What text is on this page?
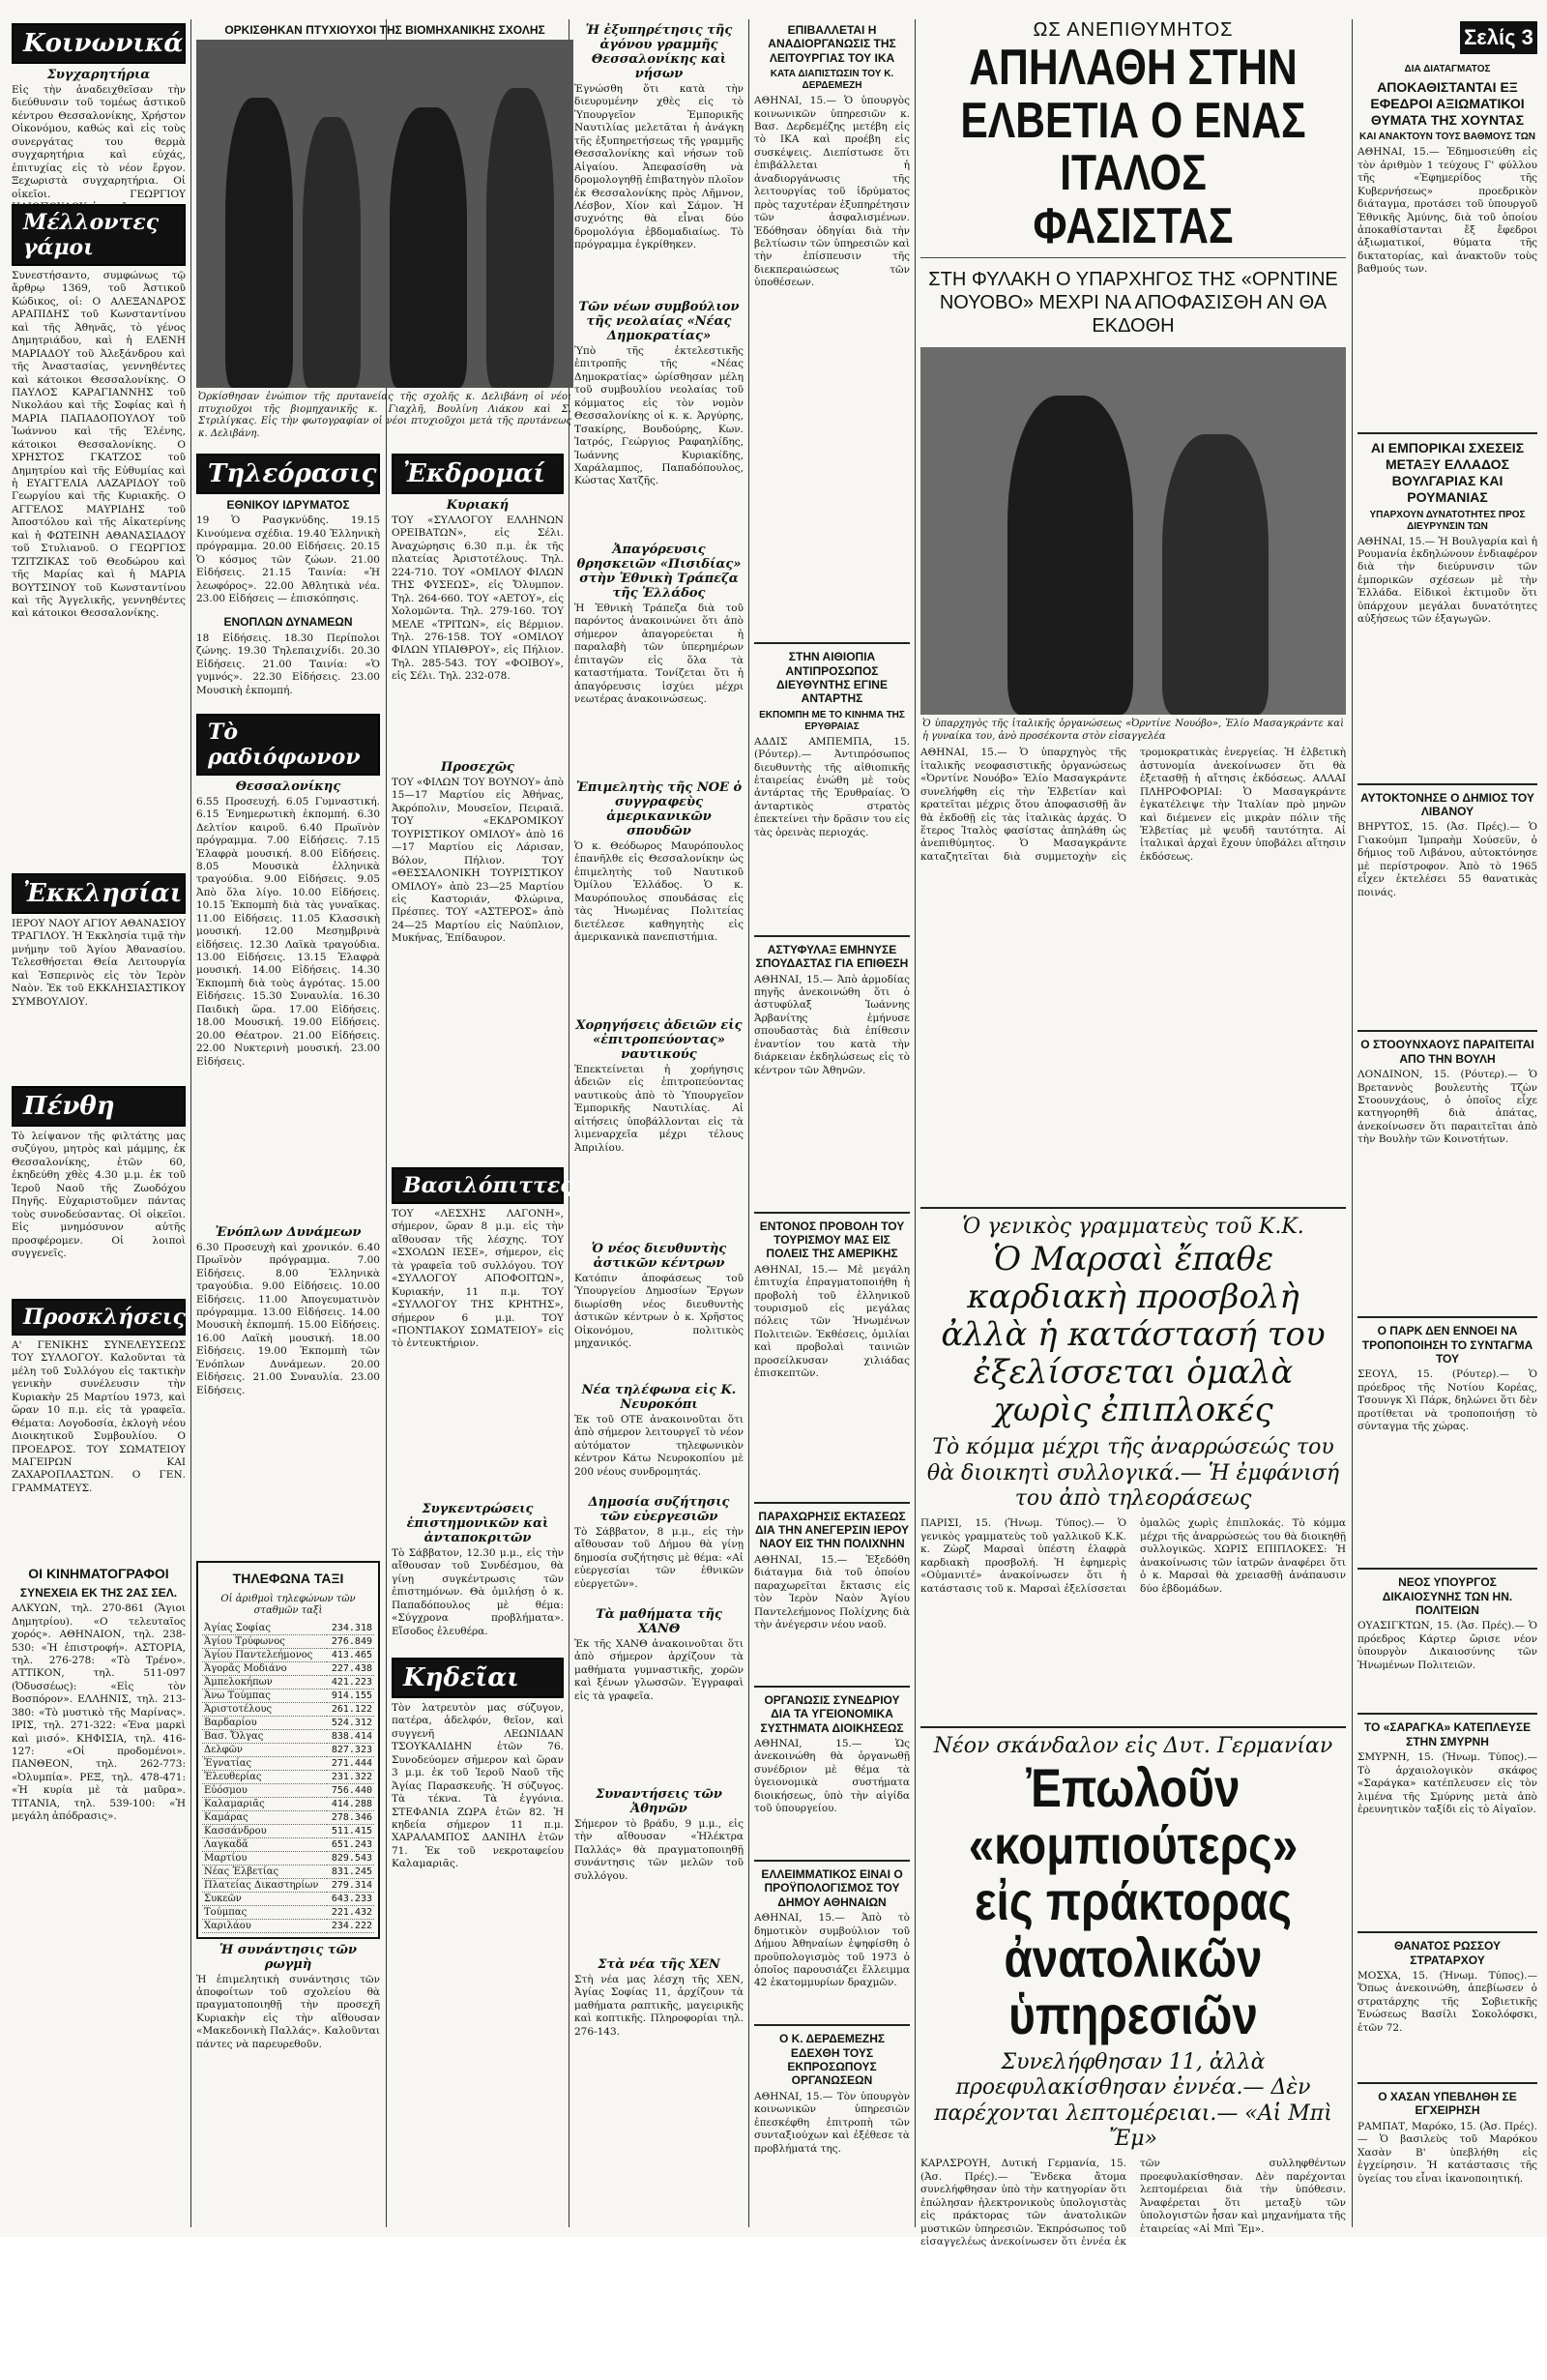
Σελίς 3
Κοινωνικά
Συγχαρητήρια
Εἰς τὴν ἀναδειχθεῖσαν τὴν διεύθυνσιν τοῦ τομέως ἀστικοῦ κέντρου Θεσσαλονίκης, Χρήστον Οἰκονόμου, καθώς καὶ εἰς τοὺς συνεργάτας του θερμὰ συγχαρητήρια καὶ εὐχάς, ἐπιτυχίας εἰς τὸ νέον ἔργον. Ξεχωριστὰ συγχαρητήρια. Οἱ οἰκεῖοι. ΓΕΩΡΓΙΟΥ ΗΛΙΟΠΟΥΛΟΥ, ἰατροῦ.
Μέλλοντες γάμοι
Συνεστήσαντο, συμφώνως τῷ ἄρθρῳ 1369, τοῦ Ἀστικοῦ Κώδικος, οἱ: Ο ΑΛΕΞΑΝΔΡΟΣ ΑΡΑΠΙΔΗΣ τοῦ Κωνσταντίνου καὶ τῆς Ἀθηνᾶς, τὸ γένος Δημητριάδου, καὶ ἡ ΕΛΕΝΗ ΜΑΡΙΑΔΟΥ τοῦ Ἀλεξάνδρου καὶ τῆς Ἀναστασίας, γεννηθέντες καὶ κάτοικοι Θεσσαλονίκης. Ο ΠΑΥΛΟΣ ΚΑΡΑΓΙΑΝΝΗΣ τοῦ Νικολάου καὶ τῆς Σοφίας καὶ ἡ ΜΑΡΙΑ ΠΑΠΑΔΟΠΟΥΛΟΥ τοῦ Ἰωάννου καὶ τῆς Ἑλένης, κάτοικοι Θεσσαλονίκης. Ο ΧΡΗΣΤΟΣ ΓΚΑΤΖΟΣ τοῦ Δημητρίου καὶ τῆς Εὐθυμίας καὶ ἡ ΕΥΑΓΓΕΛΙΑ ΛΑΖΑΡΙΔΟΥ τοῦ Γεωργίου καὶ τῆς Κυριακῆς. Ο ΑΓΓΕΛΟΣ ΜΑΥΡΙΔΗΣ τοῦ Ἀποστόλου καὶ τῆς Αἰκατερίνης καὶ ἡ ΦΩΤΕΙΝΗ ΑΘΑΝΑΣΙΑΔΟΥ τοῦ Στυλιανοῦ. Ο ΓΕΩΡΓΙΟΣ ΤΖΙΤΖΙΚΑΣ τοῦ Θεοδώρου καὶ τῆς Μαρίας καὶ ἡ ΜΑΡΙΑ ΒΟΥΤΣΙΝΟΥ τοῦ Κωνσταντίνου καὶ τῆς Ἀγγελικῆς, γεννηθέντες καὶ κάτοικοι Θεσσαλονίκης.
Ἐκκλησίαι
ΙΕΡΟΥ ΝΑΟΥ ΑΓΙΟΥ ΑΘΑΝΑΣΙΟΥ ΤΡΑΓΙΛΟΥ. Ἡ Ἐκκλησία τιμᾷ τὴν μνήμην τοῦ Ἁγίου Ἀθανασίου. Τελεσθήσεται Θεία Λειτουργία καὶ Ἑσπερινὸς εἰς τὸν Ἱερὸν Ναὸν. Ἐκ τοῦ ΕΚΚΛΗΣΙΑΣΤΙΚΟΥ ΣΥΜΒΟΥΛΙΟΥ.
Πένθη
Τὸ λείψανον τῆς φιλτάτης μας συζύγου, μητρὸς καὶ μάμμης, ἐκ Θεσσαλονίκης, ἐτῶν 60, ἐκηδεύθη χθὲς 4.30 μ.μ. ἐκ τοῦ Ἱεροῦ Ναοῦ τῆς Ζωοδόχου Πηγῆς. Εὐχαριστοῦμεν πάντας τοὺς συνοδεύσαντας. Οἱ οἰκεῖοι. Εἰς μνημόσυνον αὐτῆς προσφέρομεν. Οἱ λοιποὶ συγγενεῖς.
Προσκλήσεις
Α' ΓΕΝΙΚΗΣ ΣΥΝΕΛΕΥΣΕΩΣ ΤΟΥ ΣΥΛΛΟΓΟΥ. Καλοῦνται τὰ μέλη τοῦ Συλλόγου εἰς τακτικὴν γενικὴν συνέλευσιν τὴν Κυριακὴν 25 Μαρτίου 1973, καὶ ὥραν 10 π.μ. εἰς τὰ γραφεῖα. Θέματα: Λογοδοσία, ἐκλογὴ νέου Διοικητικοῦ Συμβουλίου. Ο ΠΡΟΕΔΡΟΣ. ΤΟΥ ΣΩΜΑΤΕΙΟΥ ΜΑΓΕΙΡΩΝ ΚΑΙ ΖΑΧΑΡΟΠΛΑΣΤΩΝ. Ο ΓΕΝ. ΓΡΑΜΜΑΤΕΥΣ.
ΟΙ ΚΙΝΗΜΑΤΟΓΡΑΦΟΙ
ΣΥΝΕΧΕΙΑ ΕΚ ΤΗΣ 2ΑΣ ΣΕΛ.
ΑΛΚΥΩΝ, τηλ. 270-861 (Ἄγιοι Δημητρίου). «Ο τελευταῖος χορός». ΑΘΗΝΑΙΟΝ, τηλ. 238-530: «Ἡ ἐπιστροφή». ΑΣΤΟΡΙΑ, τηλ. 276-278: «Τὸ Τρένο». ΑΤΤΙΚΟΝ, τηλ. 511-097 (Ὀδυσσέως): «Εἰς τὸν Βοσπόρον». ΕΛΛΗΝΙΣ, τηλ. 213-380: «Τὸ μυστικὸ τῆς Μαρίνας». ΙΡΙΣ, τηλ. 271-322: «Ἐνα μαρκὶ καὶ μισό». ΚΗΦΙΣΙΑ, τηλ. 416-127: «Οἱ προδομένοι». ΠΑΝΘΕΟΝ, τηλ. 262-773: «Ὀλυμπία». ΡΕΞ, τηλ. 478-471: «Ἡ κυρία μὲ τὰ μαῦρα». ΤΙΤΑΝΙΑ, τηλ. 539-100: «Ἡ μεγάλη ἀπόδρασις».
ΟΡΚΙΣΘΗΚΑΝ ΠΤΥΧΙΟΥΧΟΙ ΤΗΣ ΒΙΟΜΗΧΑΝΙΚΗΣ ΣΧΟΛΗΣ
Ὀρκίσθησαν ἐνώπιον τῆς πρυτανείας τῆς σχολῆς κ. Δελιβάνη οἱ νέοι πτυχιοῦχοι τῆς βιομηχανικῆς κ. Γιαχλῆ, Βουλίνη Λιάκου καὶ Σ. Στριλίγκας. Εἰς τὴν φωτογραφίαν οἱ νέοι πτυχιοῦχοι μετὰ τῆς πρυτάνεως κ. Δελιβάνη.
Τηλεόρασις
ΕΘΝΙΚΟΥ ΙΔΡΥΜΑΤΟΣ
19 Ὁ Ρασγκνύδης. 19.15 Κινούμενα σχέδια. 19.40 Ἑλληνικὴ πρόγραμμα. 20.00 Εἰδήσεις. 20.15 Ὁ κόσμος τῶν ζώων. 21.00 Εἰδήσεις. 21.15 Ταινία: «Ἡ λεωφόρος». 22.00 Ἀθλητικὰ νέα. 23.00 Εἰδήσεις — ἐπισκόπησις.
ΕΝΟΠΛΩΝ ΔΥΝΑΜΕΩΝ
18 Εἰδήσεις. 18.30 Περίπολοι ζώνης. 19.30 Τηλεπαιχνίδι. 20.30 Εἰδήσεις. 21.00 Ταινία: «Ὁ γυμνός». 22.30 Εἰδήσεις. 23.00 Μουσικὴ ἐκπομπή.
Τὸ ραδιόφωνον
Θεσσαλονίκης
6.55 Προσευχή. 6.05 Γυμναστική. 6.15 Ἐνημερωτικὴ ἐκπομπή. 6.30 Δελτίον καιροῦ. 6.40 Πρωϊνὸν πρόγραμμα. 7.00 Εἰδήσεις. 7.15 Ἐλαφρὰ μουσική. 8.00 Εἰδήσεις. 8.05 Μουσικὰ ἐλληνικὰ τραγούδια. 9.00 Εἰδήσεις. 9.05 Ἀπὸ ὅλα λίγο. 10.00 Εἰδήσεις. 10.15 Ἐκπομπὴ διὰ τὰς γυναῖκας. 11.00 Εἰδήσεις. 11.05 Κλασσικὴ μουσική. 12.00 Μεσημβρινὰ εἰδήσεις. 12.30 Λαϊκὰ τραγούδια. 13.00 Εἰδήσεις. 13.15 Ἐλαφρὰ μουσική. 14.00 Εἰδήσεις. 14.30 Ἐκπομπὴ διὰ τοὺς ἀγρότας. 15.00 Εἰδήσεις. 15.30 Συναυλία. 16.30 Παιδικὴ ὥρα. 17.00 Εἰδήσεις. 18.00 Μουσική. 19.00 Εἰδήσεις. 20.00 Θέατρον. 21.00 Εἰδήσεις. 22.00 Νυκτερινὴ μουσική. 23.00 Εἰδήσεις.
Ἐνόπλων Δυνάμεων
6.30 Προσευχὴ καὶ χρονικόν. 6.40 Πρωϊνὸν πρόγραμμα. 7.00 Εἰδήσεις. 8.00 Ἐλληνικὰ τραγούδια. 9.00 Εἰδήσεις. 10.00 Εἰδήσεις. 11.00 Ἀπογευματινὸν πρόγραμμα. 13.00 Εἰδήσεις. 14.00 Μουσικὴ ἐκπομπή. 15.00 Εἰδήσεις. 16.00 Λαϊκὴ μουσική. 18.00 Εἰδήσεις. 19.00 Ἐκπομπὴ τῶν Ἐνόπλων Δυνάμεων. 20.00 Εἰδήσεις. 21.00 Συναυλία. 23.00 Εἰδήσεις.
ΤΗΛΕΦΩΝΑ ΤΑΞΙ
Οἱ ἀριθμοὶ τηλεφώνων τῶν σταθμῶν ταξὶ
Ἀγίας Σοφίας	234.318
Ἀγίου Τρύφωνος	276.849
Ἁγίου Παντελεήμονος	413.465
Ἀγορᾶς Μοδιάνο	227.438
Ἀμπελοκήπων	421.223
Ἀνω Τούμπας	914.155
Ἀριστοτέλους	261.122
Βαρδαρίου	524.312
Βασ. Ὄλγας	838.414
Δελφῶν	827.323
Ἐγνατίας	271.444
Ἐλευθερίας	231.322
Εὐόσμου	756.440
Καλαμαριᾶς	414.288
Καμάρας	278.346
Κασσάνδρου	511.415
Λαγκαδᾶ	651.243
Μαρτίου	829.543
Νέας Ἐλβετίας	831.245
Πλατείας Δικαστηρίων	279.314
Συκεῶν	643.233
Τούμπας	221.432
Χαριλάου	234.222
Ἡ συνάντησις τῶν ρωγμὴ
Ἡ ἐπιμελητικὴ συνάντησις τῶν ἀποφοίτων τοῦ σχολείου θὰ πραγματοποιηθῇ τὴν προσεχῆ Κυριακὴν εἰς τὴν αἴθουσαν «Μακεδονικὴ Παλλάς». Καλοῦνται πάντες νὰ παρευρεθοῦν.
Ἐκδρομαί
Κυριακή
ΤΟΥ «ΣΥΛΛΟΓΟΥ ΕΛΛΗΝΩΝ ΟΡΕΙΒΑΤΩΝ», εἰς Σέλι. Ἀναχώρησις 6.30 π.μ. ἐκ τῆς πλατείας Ἀριστοτέλους. Τηλ. 224-710. ΤΟΥ «ΟΜΙΛΟΥ ΦΙΛΩΝ ΤΗΣ ΦΥΣΕΩΣ», εἰς Ὄλυμπον. Τηλ. 264-660. ΤΟΥ «ΑΕΤΟΥ», εἰς Χολομῶντα. Τηλ. 279-160. ΤΟΥ ΜΕΛΕ «ΤΡΙΤΩΝ», εἰς Βέρμιον. Τηλ. 276-158. ΤΟΥ «ΟΜΙΛΟΥ ΦΙΛΩΝ ΥΠΑΙΘΡΟΥ», εἰς Πήλιον. Τηλ. 285-543. ΤΟΥ «ΦΟΙΒΟΥ», εἰς Σέλι. Τηλ. 232-078.
Προσεχῶς
ΤΟΥ «ΦΙΛΩΝ ΤΟΥ ΒΟΥΝΟΥ» ἀπὸ 15—17 Μαρτίου εἰς Ἀθήνας, Ἀκρόπολιν, Μουσεῖον, Πειραιᾶ. ΤΟΥ «ΕΚΔΡΟΜΙΚΟΥ ΤΟΥΡΙΣΤΙΚΟΥ ΟΜΙΛΟΥ» ἀπὸ 16—17 Μαρτίου εἰς Λάρισαν, Βόλον, Πήλιον. ΤΟΥ «ΘΕΣΣΑΛΟΝΙΚΗ ΤΟΥΡΙΣΤΙΚΟΥ ΟΜΙΛΟΥ» ἀπὸ 23—25 Μαρτίου εἰς Καστοριάν, Φλώρινα, Πρέσπες. ΤΟΥ «ΑΣΤΕΡΟΣ» ἀπὸ 24—25 Μαρτίου εἰς Ναύπλιον, Μυκήνας, Ἐπίδαυρον.
Βασιλόπιττες
ΤΟΥ «ΛΕΣΧΗΣ ΛΑΓΟΝΗ», σήμερον, ὥραν 8 μ.μ. εἰς τὴν αἴθουσαν τῆς λέσχης. ΤΟΥ «ΣΧΟΛΩΝ ΙΕΣΕ», σήμερον, εἰς τὰ γραφεῖα τοῦ συλλόγου. ΤΟΥ «ΣΥΛΛΟΓΟΥ ΑΠΟΦΟΙΤΩΝ», Κυριακήν, 11 π.μ. ΤΟΥ «ΣΥΛΛΟΓΟΥ ΤΗΣ ΚΡΗΤΗΣ», σήμερον 6 μ.μ. ΤΟΥ «ΠΟΝΤΙΑΚΟΥ ΣΩΜΑΤΕΙΟΥ» εἰς τὸ ἐντευκτήριον.
Συγκεντρώσεις ἐπιστημονικῶν καὶ ἀνταποκριτῶν
Τὸ Σάββατον, 12.30 μ.μ., εἰς τὴν αἴθουσαν τοῦ Συνδέσμου, θὰ γίνῃ συγκέντρωσις τῶν ἐπιστημόνων. Θὰ ὁμιλήσῃ ὁ κ. Παπαδόπουλος μὲ θέμα: «Σύγχρονα προβλήματα». Εἴσοδος ἐλευθέρα.
Κηδεῖαι
Τὸν λατρευτὸν μας σύζυγον, πατέρα, ἀδελφόν, θεῖον, καὶ συγγενῆ ΛΕΩΝΙΔΑΝ ΤΣΟΥΚΑΛΙΔΗΝ ἐτῶν 76. Συνοδεύομεν σήμερον καὶ ὥραν 3 μ.μ. ἐκ τοῦ Ἱεροῦ Ναοῦ τῆς Ἁγίας Παρασκευῆς. Ἡ σύζυγος. Τὰ τέκνα. Τὰ ἐγγόνια. ΣΤΕΦΑΝΙΑ ΖΩΡΑ ἐτῶν 82. Ἡ κηδεία σήμερον 11 π.μ. ΧΑΡΑΛΑΜΠΟΣ ΔΑΝΙΗΛ ἐτῶν 71. Ἐκ τοῦ νεκροταφείου Καλαμαριᾶς.
Ἡ ἐξυπηρέτησις τῆς ἀγόνου γραμμῆς Θεσσαλονίκης καὶ νήσων
Ἐγνώσθη ὅτι κατὰ τὴν διευρυμένην χθὲς εἰς τὸ Ὑπουργεῖον Ἐμπορικῆς Ναυτιλίας μελετᾶται ἡ ἀνάγκη τῆς ἐξυπηρετήσεως τῆς γραμμῆς Θεσσαλονίκης καὶ νήσων τοῦ Αἰγαίου. Ἀπεφασίσθη νὰ δρομολογηθῇ ἐπιβατηγὸν πλοῖον ἐκ Θεσσαλονίκης πρὸς Λῆμνον, Λέσβον, Χίον καὶ Σάμον. Ἡ συχνότης θὰ εἶναι δύο δρομολόγια ἑβδομαδιαίως. Τὸ πρόγραμμα ἐγκρίθηκεν.
Τῶν νέων συμβούλιον τῆς νεολαίας «Νέας Δημοκρατίας»
Ὑπὸ τῆς ἐκτελεστικῆς ἐπιτροπῆς τῆς «Νέας Δημοκρατίας» ὡρίσθησαν μέλη τοῦ συμβουλίου νεολαίας τοῦ κόμματος εἰς τὸν νομὸν Θεσσαλονίκης οἱ κ. κ. Ἀργύρης, Τσακίρης, Βουδούρης, Κων. Ἰατρός, Γεώργιος Ραφαηλίδης, Ἰωάννης Κυριακίδης, Χαράλαμπος, Παπαδόπουλος, Κώστας Χατζῆς.
Ἀπαγόρευσις θρησκειῶν «Πισιδίας» στὴν Ἐθνικὴ Τράπεζα τῆς Ἑλλάδος
Ἡ Ἐθνικὴ Τράπεζα διὰ τοῦ παρόντος ἀνακοινώνει ὅτι ἀπὸ σήμερον ἀπαγορεύεται ἡ παραλαβὴ τῶν ὑπερημέρων ἐπιταγῶν εἰς ὅλα τὰ καταστήματα. Τονίζεται ὅτι ἡ ἀπαγόρευσις ἰσχύει μέχρι νεωτέρας ἀνακοινώσεως.
Ἐπιμελητὴς τῆς ΝΟΕ ὁ συγγραφεὺς ἀμερικανικῶν σπουδῶν
Ὁ κ. Θεόδωρος Μαυρόπουλος ἐπανῆλθε εἰς Θεσσαλονίκην ὡς ἐπιμελητὴς τοῦ Ναυτικοῦ Ὀμίλου Ἑλλάδος. Ὁ κ. Μαυρόπουλος σπουδάσας εἰς τὰς Ἡνωμένας Πολιτείας διετέλεσε καθηγητὴς εἰς ἀμερικανικὰ πανεπιστήμια.
Χορηγήσεις ἀδειῶν εἰς «ἐπιτροπεύοντας» ναυτικούς
Ἐπεκτείνεται ἡ χορήγησις ἀδειῶν εἰς ἐπιτροπεύοντας ναυτικοὺς ἀπὸ τὸ Ὑπουργεῖον Ἐμπορικῆς Ναυτιλίας. Αἱ αἰτήσεις ὑποβάλλονται εἰς τὰ λιμεναρχεῖα μέχρι τέλους Ἀπριλίου.
Ὁ νέος διευθυντὴς ἀστικῶν κέντρων
Κατόπιν ἀποφάσεως τοῦ Ὑπουργείου Δημοσίων Ἔργων διωρίσθη νέος διευθυντὴς ἀστικῶν κέντρων ὁ κ. Χρῆστος Οἰκονόμου, πολιτικὸς μηχανικός.
Νέα τηλέφωνα εἰς Κ. Νευροκόπι
Ἐκ τοῦ ΟΤΕ ἀνακοινοῦται ὅτι ἀπὸ σήμερον λειτουργεῖ τὸ νέον αὐτόματον τηλεφωνικὸν κέντρον Κάτω Νευροκοπίου μὲ 200 νέους συνδρομητάς.
Δημοσία συζήτησις τῶν εὐεργεσιῶν
Τὸ Σάββατον, 8 μ.μ., εἰς τὴν αἴθουσαν τοῦ Δήμου θὰ γίνῃ δημοσία συζήτησις μὲ θέμα: «Αἱ εὐεργεσίαι τῶν ἐθνικῶν εὐεργετῶν».
Τὰ μαθήματα τῆς ΧΑΝΘ
Ἐκ τῆς ΧΑΝΘ ἀνακοινοῦται ὅτι ἀπὸ σήμερον ἀρχίζουν τὰ μαθήματα γυμναστικῆς, χορῶν καὶ ξένων γλωσσῶν. Ἐγγραφαὶ εἰς τὰ γραφεῖα.
Συναντήσεις τῶν Ἀθηνῶν
Σήμερον τὸ βράδυ, 9 μ.μ., εἰς τὴν αἴθουσαν «Ἡλέκτρα Παλλάς» θὰ πραγματοποιηθῇ συνάντησις τῶν μελῶν τοῦ συλλόγου.
Στὰ νέα τῆς ΧΕΝ
Στὴ νέα μας λέσχη τῆς ΧΕΝ, Ἀγίας Σοφίας 11, ἀρχίζουν τὰ μαθήματα ραπτικῆς, μαγειρικῆς καὶ κοπτικῆς. Πληροφορίαι τηλ. 276-143.
ΕΠΙΒΑΛΛΕΤΑΙ Η ΑΝΑΔΙΟΡΓΑΝΩΣΙΣ ΤΗΣ ΛΕΙΤΟΥΡΓΙΑΣ ΤΟΥ ΙΚΑ
ΚΑΤΑ ΔΙΑΠΙΣΤΩΣΙΝ ΤΟΥ Κ. ΔΕΡΔΕΜΕΖΗ
ΑΘΗΝΑΙ, 15.— Ὁ ὑπουργὸς κοινωνικῶν ὑπηρεσιῶν κ. Βασ. Δερδεμέζης μετέβη εἰς τὸ ΙΚΑ καὶ προέβη εἰς συσκέψεις. Διεπίστωσε ὅτι ἐπιβάλλεται ἡ ἀναδιοργάνωσις τῆς λειτουργίας τοῦ ἱδρύματος πρὸς ταχυτέραν ἐξυπηρέτησιν τῶν ἀσφαλισμένων. Ἐδόθησαν ὁδηγίαι διὰ τὴν βελτίωσιν τῶν ὑπηρεσιῶν καὶ τὴν ἐπίσπευσιν τῆς διεκπεραιώσεως τῶν ὑποθέσεων.
ΣΤΗΝ ΑΙΘΙΟΠΙΑ ΑΝΤΙΠΡΟΣΩΠΟΣ ΔΙΕΥΘΥΝΤΗΣ ΕΓΙΝΕ ΑΝΤΑΡΤΗΣ
ΕΚΠΟΜΠΗ ΜΕ ΤΟ ΚΙΝΗΜΑ ΤΗΣ ΕΡΥΘΡΑΙΑΣ
ΑΔΔΙΣ ΑΜΠΕΜΠΑ, 15. (Ρόυτερ).— Ἀντιπρόσωπος διευθυντὴς τῆς αἰθιοπικῆς ἑταιρείας ἐνώθη μὲ τοὺς ἀντάρτας τῆς Ἐρυθραίας. Ὁ ἀνταρτικὸς στρατὸς ἐπεκτείνει τὴν δρᾶσιν του εἰς τὰς ὀρεινὰς περιοχάς.
ΑΣΤΥΦΥΛΑΞ ΕΜΗΝΥΣΕ ΣΠΟΥΔΑΣΤΑΣ ΓΙΑ ΕΠΙΘΕΣΗ
ΑΘΗΝΑΙ, 15.— Ἀπὸ ἁρμοδίας πηγῆς ἀνεκοινώθη ὅτι ὁ ἀστυφύλαξ Ἰωάννης Ἀρβανίτης ἐμήνυσε σπουδαστὰς διὰ ἐπίθεσιν ἐναντίον του κατὰ τὴν διάρκειαν ἐκδηλώσεως εἰς τὸ κέντρον τῶν Ἀθηνῶν.
ΕΝΤΟΝΟΣ ΠΡΟΒΟΛΗ ΤΟΥ ΤΟΥΡΙΣΜΟΥ ΜΑΣ ΕΙΣ ΠΟΛΕΙΣ ΤΗΣ ΑΜΕΡΙΚΗΣ
ΑΘΗΝΑΙ, 15.— Μὲ μεγάλη ἐπιτυχία ἐπραγματοποιήθη ἡ προβολὴ τοῦ ἑλληνικοῦ τουρισμοῦ εἰς μεγάλας πόλεις τῶν Ἡνωμένων Πολιτειῶν. Ἐκθέσεις, ὁμιλίαι καὶ προβολαὶ ταινιῶν προσείλκυσαν χιλιάδας ἐπισκεπτῶν.
ΠΑΡΑΧΩΡΗΣΙΣ ΕΚΤΑΣΕΩΣ ΔΙΑ ΤΗΝ ΑΝΕΓΕΡΣΙΝ ΙΕΡΟΥ ΝΑΟΥ ΕΙΣ ΤΗΝ ΠΟΛΙΧΝΗΝ
ΑΘΗΝΑΙ, 15.— Ἐξεδόθη διάταγμα διὰ τοῦ ὁποίου παραχωρεῖται ἔκτασις εἰς τὸν Ἱερὸν Ναὸν Ἁγίου Παντελεήμονος Πολίχνης διὰ τὴν ἀνέγερσιν νέου ναοῦ.
ΟΡΓΑΝΩΣΙΣ ΣΥΝΕΔΡΙΟΥ ΔΙΑ ΤΑ ΥΓΕΙΟΝΟΜΙΚΑ ΣΥΣΤΗΜΑΤΑ ΔΙΟΙΚΗΣΕΩΣ
ΑΘΗΝΑΙ, 15.— Ὡς ἀνεκοινώθη θὰ ὀργανωθῇ συνέδριον μὲ θέμα τὰ ὑγειονομικὰ συστήματα διοικήσεως, ὑπὸ τὴν αἰγίδα τοῦ ὑπουργείου.
ΕΛΛΕΙΜΜΑΤΙΚΟΣ ΕΙΝΑΙ Ο ΠΡΟΫΠΟΛΟΓΙΣΜΟΣ ΤΟΥ ΔΗΜΟΥ ΑΘΗΝΑΙΩΝ
ΑΘΗΝΑΙ, 15.— Ἀπὸ τὸ δημοτικὸν συμβούλιον τοῦ Δήμου Ἀθηναίων ἐψηφίσθη ὁ προϋπολογισμὸς τοῦ 1973 ὁ ὁποῖος παρουσιάζει ἔλλειμμα 42 ἑκατομμυρίων δραχμῶν.
Ο Κ. ΔΕΡΔΕΜΕΖΗΣ ΕΔΕΧΘΗ ΤΟΥΣ ΕΚΠΡΟΣΩΠΟΥΣ ΟΡΓΑΝΩΣΕΩΝ
ΑΘΗΝΑΙ, 15.— Τὸν ὑπουργὸν κοινωνικῶν ὑπηρεσιῶν ἐπεσκέφθη ἐπιτροπὴ τῶν συνταξιούχων καὶ ἐξέθεσε τὰ προβλήματά της.
ΩΣ ΑΝΕΠΙΘΥΜΗΤΟΣ
ΑΠΗΛΑΘΗ ΣΤΗΝ ΕΛΒΕΤΙΑ Ο ΕΝΑΣ ΙΤΑΛΟΣ ΦΑΣΙΣΤΑΣ
ΣΤΗ ΦΥΛΑΚΗ Ο ΥΠΑΡΧΗΓΟΣ ΤΗΣ «ΟΡΝΤΙΝΕ ΝΟΥΟΒΟ» ΜΕΧΡΙ ΝΑ ΑΠΟΦΑΣΙΣΘΗ ΑΝ ΘΑ ΕΚΔΟΘΗ
Ὁ ὑπαρχηγὸς τῆς ἰταλικῆς ὀργανώσεως «Ὀρντίνε Νουόβο», Ἐλίο Μασαγκράντε καὶ ἡ γυναίκα του, ἀνὸ προσέκοντα στὸν εἰσαγγελέα
ΑΘΗΝΑΙ, 15.— Ὁ ὑπαρχηγὸς τῆς ἰταλικῆς νεοφασιστικῆς ὀργανώσεως «Ὀρντίνε Νουόβο» Ἐλίο Μασαγκράντε συνελήφθη εἰς τὴν Ἐλβετίαν καὶ κρατεῖται μέχρις ὅτου ἀποφασισθῇ ἂν θὰ ἐκδοθῇ εἰς τὰς ἰταλικὰς ἀρχάς. Ὁ ἕτερος Ἰταλὸς φασίστας ἀπηλάθη ὡς ἀνεπιθύμητος. Ὁ Μασαγκράντε καταζητεῖται διὰ συμμετοχὴν εἰς τρομοκρατικὰς ἐνεργείας. Ἡ ἐλβετικὴ ἀστυνομία ἀνεκοίνωσεν ὅτι θὰ ἐξετασθῇ ἡ αἴτησις ἐκδόσεως. ΑΛΛΑΙ ΠΛΗΡΟΦΟΡΙΑΙ: Ὁ Μασαγκράντε ἐγκατέλειψε τὴν Ἰταλίαν πρὸ μηνῶν καὶ διέμενεν εἰς μικρὰν πόλιν τῆς Ἐλβετίας μὲ ψευδῆ ταυτότητα. Αἱ ἰταλικαὶ ἀρχαὶ ἔχουν ὑποβάλει αἴτησιν ἐκδόσεως.
Ὁ γενικὸς γραμματεὺς τοῦ Κ.Κ.
Ὁ Μαρσαὶ ἔπαθε καρδιακὴ προσβολὴ ἀλλὰ ἡ κατάστασή του ἐξελίσσεται ὁμαλὰ χωρὶς ἐπιπλοκές
Τὸ κόμμα μέχρι τῆς ἀναρρώσεώς του θὰ διοικητὶ συλλογικά.— Ἡ ἐμφάνισή του ἀπὸ τηλεοράσεως
ΠΑΡΙΣΙ, 15. (Ἡνωμ. Τύπος).— Ὁ γενικὸς γραμματεὺς τοῦ γαλλικοῦ Κ.Κ. κ. Ζὼρζ Μαρσαὶ ὑπέστη ἐλαφρὰ καρδιακὴ προσβολή. Ἡ ἐφημερὶς «Οὐμανιτέ» ἀνακοίνωσεν ὅτι ἡ κατάστασις τοῦ κ. Μαρσαὶ ἐξελίσσεται ὁμαλῶς χωρὶς ἐπιπλοκάς. Τὸ κόμμα μέχρι τῆς ἀναρρώσεώς του θὰ διοικηθῇ συλλογικῶς. ΧΩΡΙΣ ΕΠΙΠΛΟΚΕΣ: Ἡ ἀνακοίνωσις τῶν ἰατρῶν ἀναφέρει ὅτι ὁ κ. Μαρσαὶ θὰ χρειασθῇ ἀνάπαυσιν δύο ἑβδομάδων.
Νέον σκάνδαλον εἰς Δυτ. Γερμανίαν
Ἐπωλοῦν «κομπιούτερς» εἰς πράκτορας ἀνατολικῶν ὑπηρεσιῶν
Συνελήφθησαν 11, ἀλλὰ προεφυλακίσθησαν ἐννέα.— Δὲν παρέχονται λεπτομέρειαι.— «Αἱ Μπὶ Ἔμ»
ΚΑΡΛΣΡΟΥΗ, Δυτική Γερμανία, 15. (Ἀσ. Πρές).— Ἕνδεκα ἄτομα συνελήφθησαν ὑπὸ τὴν κατηγορίαν ὅτι ἐπώλησαν ἠλεκτρονικοὺς ὑπολογιστὰς εἰς πράκτορας τῶν ἀνατολικῶν μυστικῶν ὑπηρεσιῶν. Ἐκπρόσωπος τοῦ εἰσαγγελέως ἀνεκοίνωσεν ὅτι ἐννέα ἐκ τῶν συλληφθέντων προεφυλακίσθησαν. Δὲν παρέχονται λεπτομέρειαι διὰ τὴν ὑπόθεσιν. Ἀναφέρεται ὅτι μεταξὺ τῶν ὑπολογιστῶν ἦσαν καὶ μηχανήματα τῆς ἑταιρείας «Αἱ Μπὶ Ἔμ».
ΔΙΑ ΔΙΑΤΑΓΜΑΤΟΣ
ΑΠΟΚΑΘΙΣΤΑΝΤΑΙ ΕΞ ΕΦΕΔΡΟΙ ΑΞΙΩΜΑΤΙΚΟΙ ΘΥΜΑΤΑ ΤΗΣ ΧΟΥΝΤΑΣ
ΚΑΙ ΑΝΑΚΤΟΥΝ ΤΟΥΣ ΒΑΘΜΟΥΣ ΤΩΝ
ΑΘΗΝΑΙ, 15.— Ἐδημοσιεύθη εἰς τὸν ἀριθμὸν 1 τεύχους Γ' φύλλου τῆς «Ἐφημερίδος τῆς Κυβερνήσεως» προεδρικὸν διάταγμα, προτάσει τοῦ ὑπουργοῦ Ἐθνικῆς Ἀμύνης, διὰ τοῦ ὁποίου ἀποκαθίστανται ἔξ ἔφεδροι ἀξιωματικοί, θύματα τῆς δικτατορίας, καὶ ἀνακτοῦν τοὺς βαθμούς των.
ΑΙ ΕΜΠΟΡΙΚΑΙ ΣΧΕΣΕΙΣ ΜΕΤΑΞΥ ΕΛΛΑΔΟΣ ΒΟΥΛΓΑΡΙΑΣ ΚΑΙ ΡΟΥΜΑΝΙΑΣ
ΥΠΑΡΧΟΥΝ ΔΥΝΑΤΟΤΗΤΕΣ ΠΡΟΣ ΔΙΕΥΡΥΝΣΙΝ ΤΩΝ
ΑΘΗΝΑΙ, 15.— Ἡ Βουλγαρία καὶ ἡ Ρουμανία ἐκδηλώνουν ἐνδιαφέρον διὰ τὴν διεύρυνσιν τῶν ἐμπορικῶν σχέσεων μὲ τὴν Ἑλλάδα. Εἰδικοὶ ἐκτιμοῦν ὅτι ὑπάρχουν μεγάλαι δυνατότητες αὐξήσεως τῶν ἐξαγωγῶν.
ΑΥΤΟΚΤΟΝΗΣΕ Ο ΔΗΜΙΟΣ ΤΟΥ ΛΙΒΑΝΟΥ
ΒΗΡΥΤΟΣ, 15. (Ἀσ. Πρές).— Ὁ Γιακούμπ Ἰμπραὴμ Χούσεϋν, ὁ δήμιος τοῦ Λιβάνου, αὐτοκτόνησε μὲ περίστροφον. Ἀπὸ τὸ 1965 εἶχεν ἐκτελέσει 55 θανατικὰς ποινάς.
Ο ΣΤΟΟΥΝΧΑΟΥΣ ΠΑΡΑΙΤΕΙΤΑΙ ΑΠΟ ΤΗΝ ΒΟΥΛΗ
ΛΟΝΔΙΝΟΝ, 15. (Ρόυτερ).— Ὁ Βρεταννὸς βουλευτὴς Τζὼν Στοουνχάους, ὁ ὁποῖος εἶχε κατηγορηθῆ διὰ ἀπάτας, ἀνεκοίνωσεν ὅτι παραιτεῖται ἀπὸ τὴν Βουλὴν τῶν Κοινοτήτων.
Ο ΠΑΡΚ ΔΕΝ ΕΝΝΟΕΙ ΝΑ ΤΡΟΠΟΠΟΙΗΣΗ ΤΟ ΣΥΝΤΑΓΜΑ ΤΟΥ
ΣΕΟΥΛ, 15. (Ρόυτερ).— Ὁ πρόεδρος τῆς Νοτίου Κορέας, Τσουνγκ Χὶ Πάρκ, δηλώνει ὅτι δὲν προτίθεται νὰ τροποποιήσῃ τὸ σύνταγμα τῆς χώρας.
ΝΕΟΣ ΥΠΟΥΡΓΟΣ ΔΙΚΑΙΟΣΥΝΗΣ ΤΩΝ ΗΝ. ΠΟΛΙΤΕΙΩΝ
ΟΥΑΣΙΓΚΤΩΝ, 15. (Ἀσ. Πρές).— Ὁ πρόεδρος Κάρτερ ὤρισε νέον ὑπουργὸν Δικαιοσύνης τῶν Ἡνωμένων Πολιτειῶν.
ΤΟ «ΣΑΡΑΓΚΑ» ΚΑΤΕΠΛΕΥΣΕ ΣΤΗΝ ΣΜΥΡΝΗ
ΣΜΥΡΝΗ, 15. (Ἡνωμ. Τύπος).— Τὸ ἀρχαιολογικὸν σκάφος «Σαράγκα» κατέπλευσεν εἰς τὸν λιμένα τῆς Σμύρνης μετὰ ἀπὸ ἐρευνητικὸν ταξίδι εἰς τὸ Αἰγαῖον.
ΘΑΝΑΤΟΣ ΡΩΣΣΟΥ ΣΤΡΑΤΑΡΧΟΥ
ΜΟΣΧΑ, 15. (Ἡνωμ. Τύπος).— Ὅπως ἀνεκοινώθη, ἀπεβίωσεν ὁ στρατάρχης τῆς Σοβιετικῆς Ἑνώσεως Βασίλι Σοκολόφσκι, ἐτῶν 72.
Ο ΧΑΣΑΝ ΥΠΕΒΛΗΘΗ ΣΕ ΕΓΧΕΙΡΗΣΗ
ΡΑΜΠΑΤ, Μαρόκο, 15. (Ἀσ. Πρές).— Ὁ βασιλεὺς τοῦ Μαρόκου Χασὰν Β' ὑπεβλήθη εἰς ἐγχείρησιν. Ἡ κατάστασις τῆς ὑγείας του εἶναι ἱκανοποιητική.
